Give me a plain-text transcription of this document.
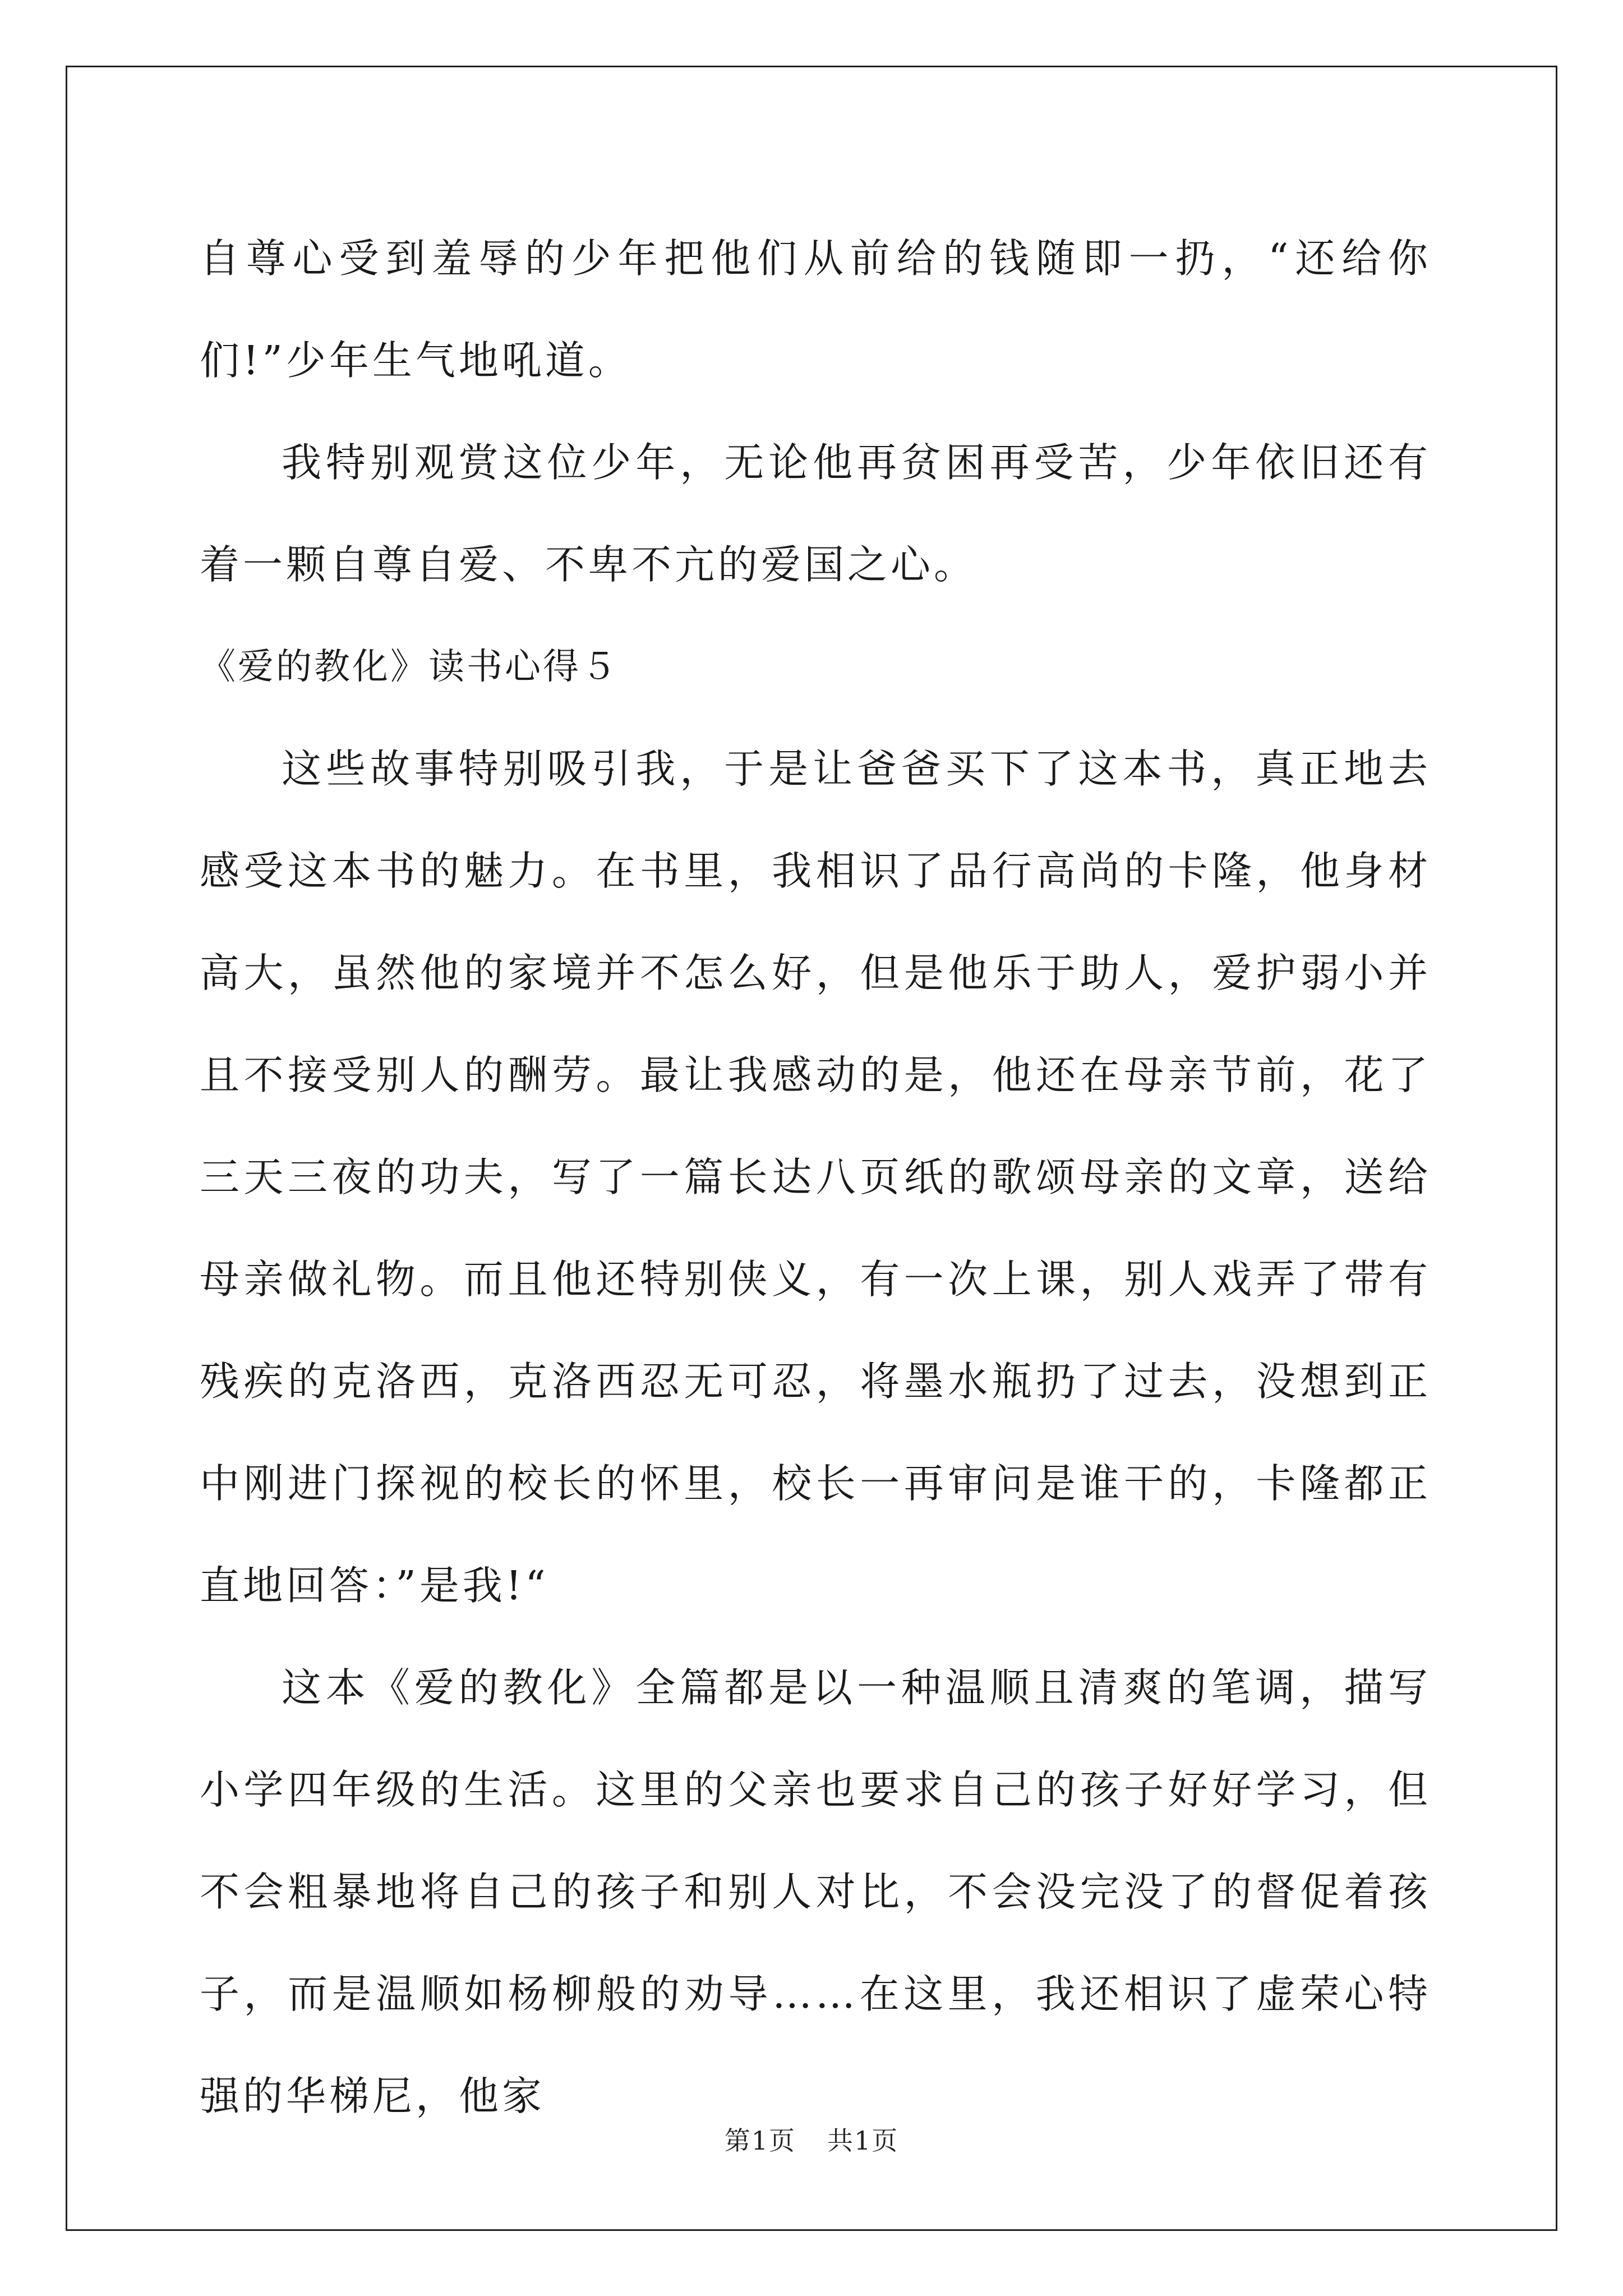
自尊心受到羞辱的少年把他们从前给的钱随即一扔，“还给你们!”少年生气地吼道。

我特别观赏这位少年，无论他再贫困再受苦，少年依旧还有着一颗自尊自爱、不卑不亢的爱国之心。

《爱的教化》读书心得５

这些故事特别吸引我，于是让爸爸买下了这本书，真正地去感受这本书的魅力。在书里，我相识了品行高尚的卡隆，他身材高大，虽然他的家境并不怎么好，但是他乐于助人，爱护弱小并且不接受别人的酬劳。最让我感动的是，他还在母亲节前，花了三天三夜的功夫，写了一篇长达八页纸的歌颂母亲的文章，送给母亲做礼物。而且他还特别侠义，有一次上课，别人戏弄了带有残疾的克洛西，克洛西忍无可忍，将墨水瓶扔了过去，没想到正中刚进门探视的校长的怀里，校长一再审问是谁干的，卡隆都正直地回答：”是我!“

这本《爱的教化》全篇都是以一种温顺且清爽的笔调，描写小学四年级的生活。这里的父亲也要求自己的孩子好好学习，但不会粗暴地将自己的孩子和别人对比，不会没完没了的督促着孩子，而是温顺如杨柳般的劝导……在这里，我还相识了虚荣心特强的华梯尼，他家

第1页 共1页
